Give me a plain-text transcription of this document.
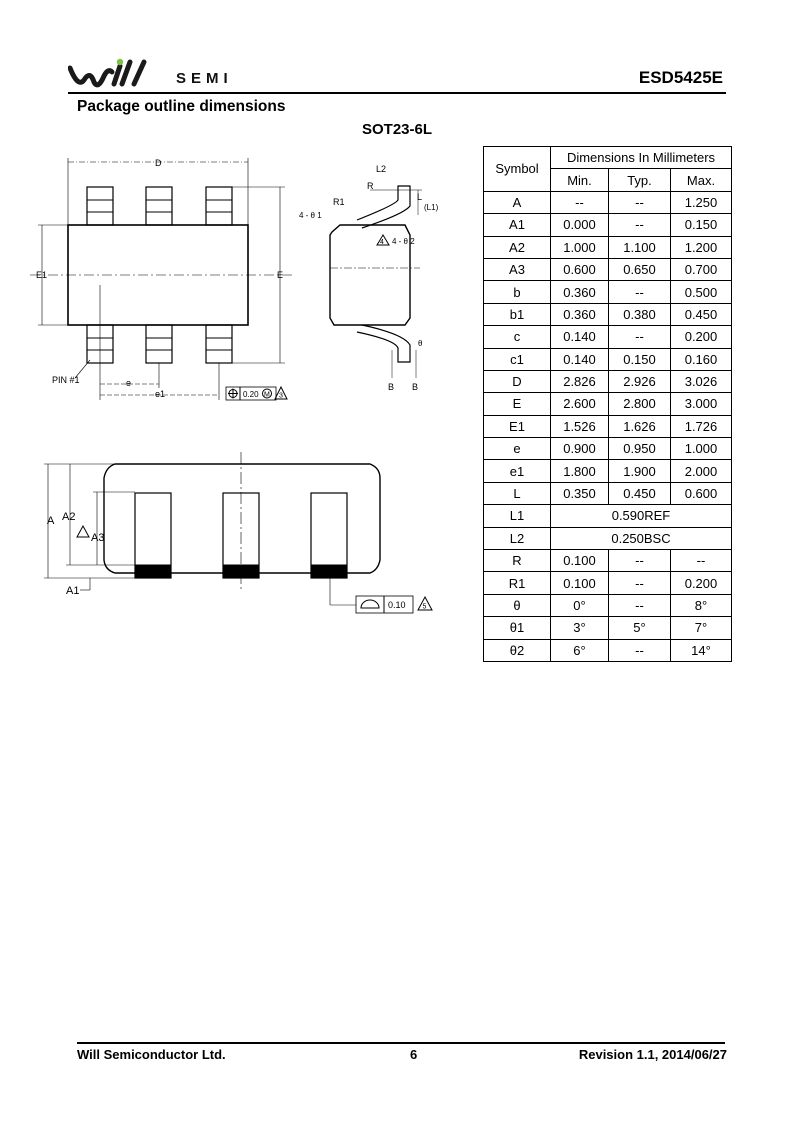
SEMI	ESD5425E
Package outline dimensions
SOT23-6L
D
E1	E
PIN #1	e
e1	0.20 M 3
L2
R
R1	L
(L1)
4 - θ 1
4 4 - θ 2
θ
B B
A A2
A3
A1
0.10 5
Symbol	Dimensions In Millimeters		
	Min.	Typ.	Max.
A	--	--	1.250
A1	0.000	--	0.150
A2	1.000	1.100	1.200
A3	0.600	0.650	0.700
b	0.360	--	0.500
b1	0.360	0.380	0.450
c	0.140	--	0.200
c1	0.140	0.150	0.160
D	2.826	2.926	3.026
E	2.600	2.800	3.000
E1	1.526	1.626	1.726
e	0.900	0.950	1.000
e1	1.800	1.900	2.000
L	0.350	0.450	0.600
L1	0.590REF		
L2	0.250BSC		
R	0.100	--	--
R1	0.100	--	0.200
θ	0°	--	8°
θ1	3°	5°	7°
θ2	6°	--	14°
Will Semiconductor Ltd.	6	Revision 1.1, 2014/06/27
